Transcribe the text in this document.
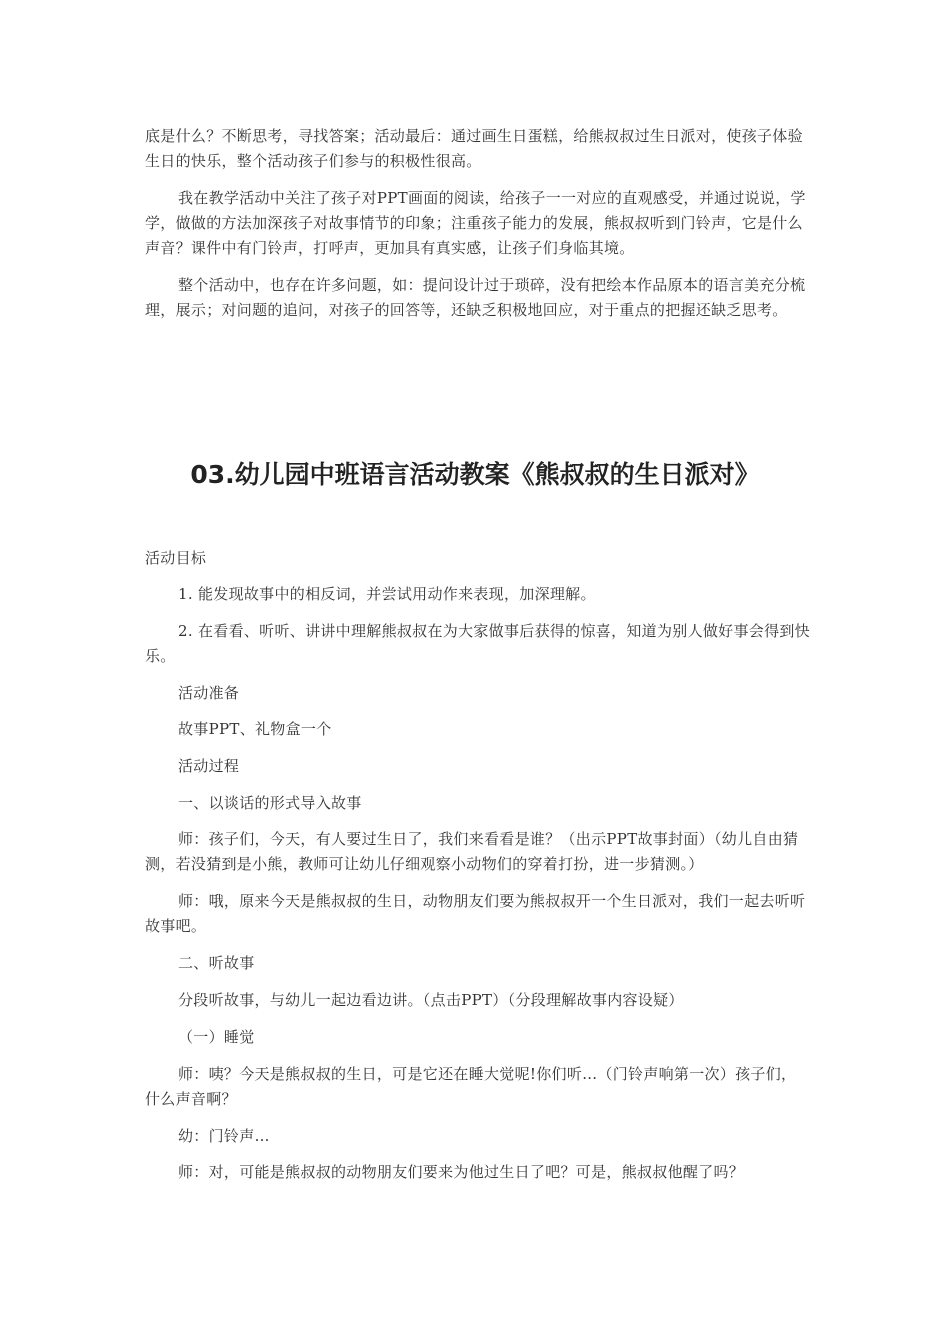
底是什么？不断思考，寻找答案；活动最后：通过画生日蛋糕，给熊叔叔过生日派对，使孩子体验生日的快乐，整个活动孩子们参与的积极性很高。

我在教学活动中关注了孩子对PPT画面的阅读，给孩子一一对应的直观感受，并通过说说，学学，做做的方法加深孩子对故事情节的印象；注重孩子能力的发展，熊叔叔听到门铃声，它是什么声音？课件中有门铃声，打呼声，更加具有真实感，让孩子们身临其境。

整个活动中，也存在许多问题，如：提问设计过于琐碎，没有把绘本作品原本的语言美充分梳理，展示；对问题的追问，对孩子的回答等，还缺乏积极地回应，对于重点的把握还缺乏思考。

03.幼儿园中班语言活动教案《熊叔叔的生日派对》

活动目标

1. 能发现故事中的相反词，并尝试用动作来表现，加深理解。

2. 在看看、听听、讲讲中理解熊叔叔在为大家做事后获得的惊喜，知道为别人做好事会得到快乐。

活动准备

故事PPT、礼物盒一个

活动过程

一、以谈话的形式导入故事

师：孩子们，今天，有人要过生日了，我们来看看是谁？（出示PPT故事封面）（幼儿自由猜测，若没猜到是小熊，教师可让幼儿仔细观察小动物们的穿着打扮，进一步猜测。）

师：哦，原来今天是熊叔叔的生日，动物朋友们要为熊叔叔开一个生日派对，我们一起去听听故事吧。

二、听故事

分段听故事，与幼儿一起边看边讲。（点击PPT）（分段理解故事内容设疑）

（一）睡觉

师：咦？今天是熊叔叔的生日，可是它还在睡大觉呢!你们听…（门铃声响第一次）孩子们，什么声音啊？

幼：门铃声…

师：对，可能是熊叔叔的动物朋友们要来为他过生日了吧？可是，熊叔叔他醒了吗？
